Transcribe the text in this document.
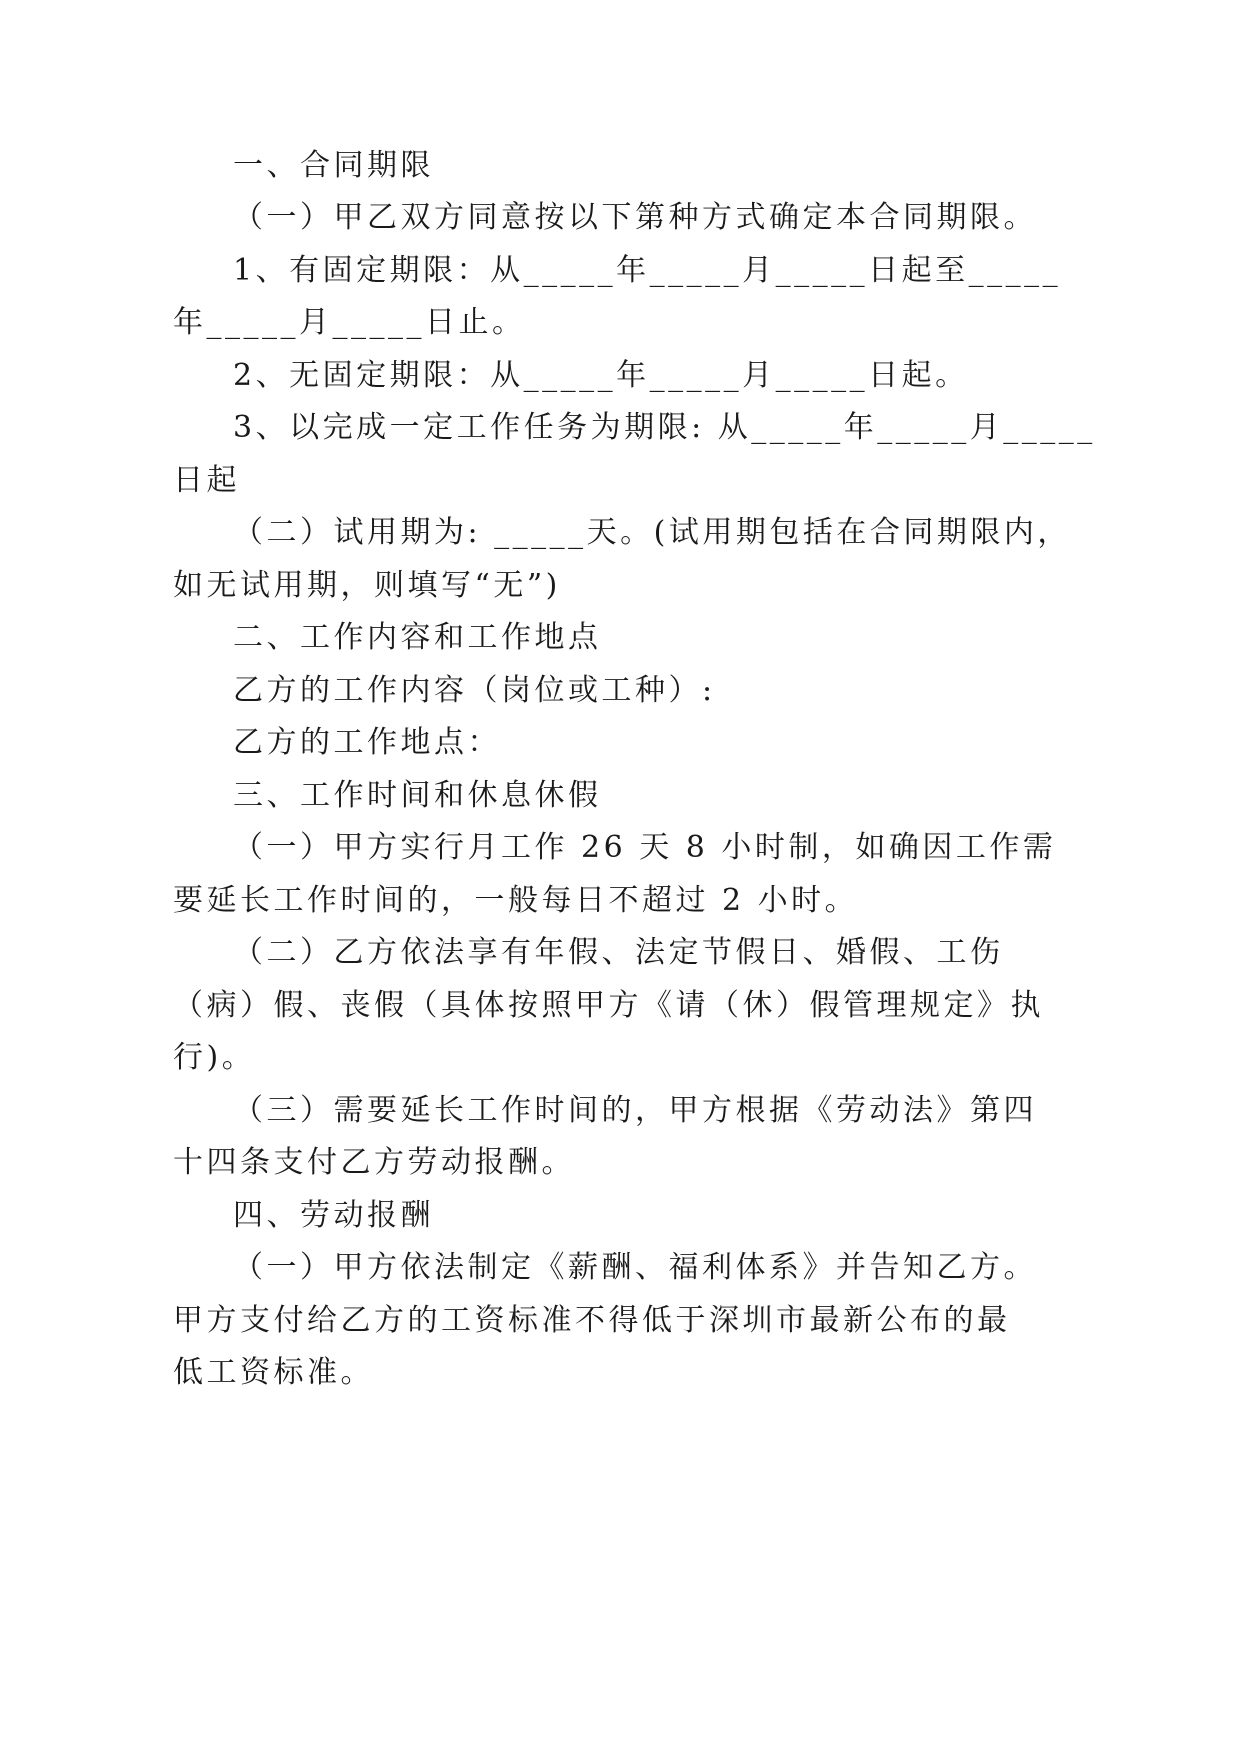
一、合同期限
（一）甲乙双方同意按以下第种方式确定本合同期限。
1、有固定期限：从_____年_____月_____日起至_____
年_____月_____日止。
2、无固定期限：从_____年_____月_____日起。
3、以完成一定工作任务为期限: 从_____年_____月_____
日起
（二）试用期为: _____天。(试用期包括在合同期限内，
如无试用期，则填写“无”)
二、工作内容和工作地点
乙方的工作内容（岗位或工种）:
乙方的工作地点：
三、工作时间和休息休假
（一）甲方实行月工作 26 天 8 小时制，如确因工作需
要延长工作时间的，一般每日不超过 2 小时。
（二）乙方依法享有年假、法定节假日、婚假、工伤
（病）假、丧假（具体按照甲方《请（休）假管理规定》执
行)。
（三）需要延长工作时间的，甲方根据《劳动法》第四
十四条支付乙方劳动报酬。
四、劳动报酬
（一）甲方依法制定《薪酬、福利体系》并告知乙方。
甲方支付给乙方的工资标准不得低于深圳市最新公布的最
低工资标准。
